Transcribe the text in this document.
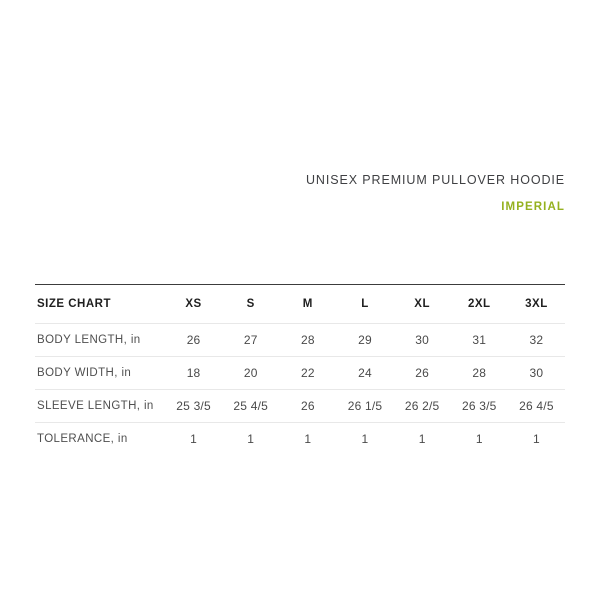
UNISEX PREMIUM PULLOVER HOODIE
IMPERIAL
SIZE CHART	XS	S	M	L	XL	2XL	3XL
BODY LENGTH, in	26	27	28	29	30	31	32
BODY WIDTH, in	18	20	22	24	26	28	30
SLEEVE LENGTH, in	25 3/5	25 4/5	26	26 1/5	26 2/5	26 3/5	26 4/5
TOLERANCE, in	1	1	1	1	1	1	1
